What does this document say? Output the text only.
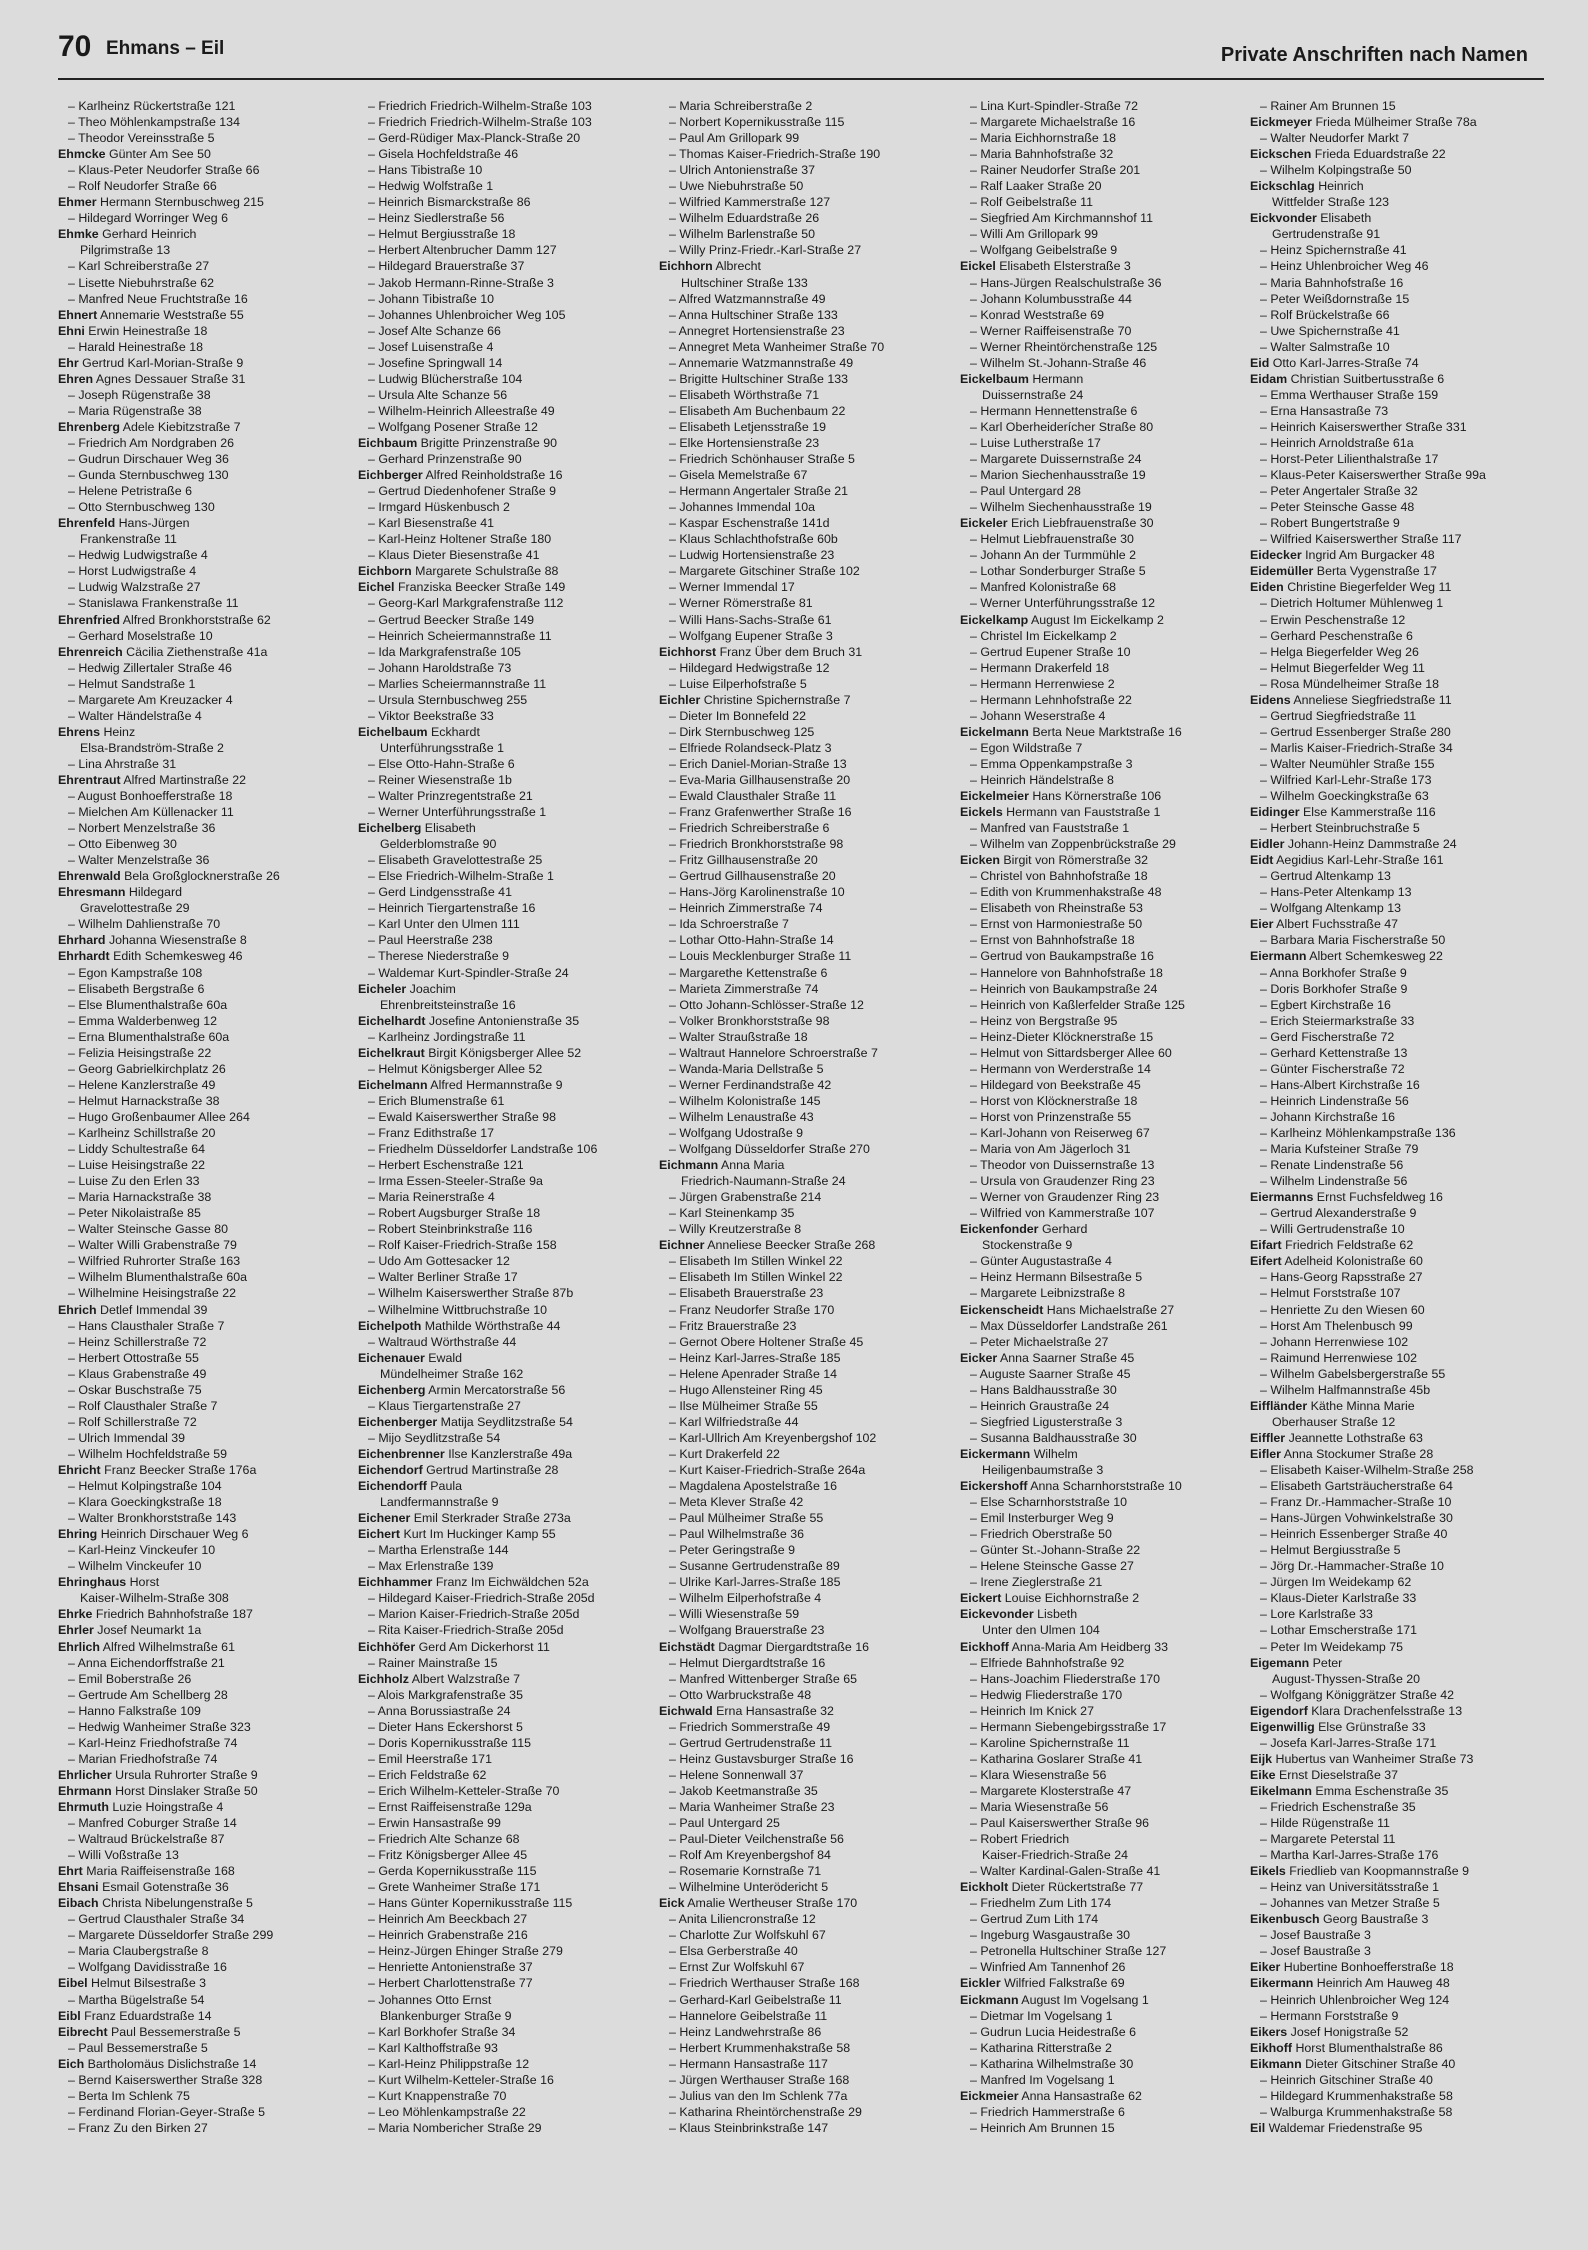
70 Ehmans – Eil	Private Anschriften nach Namen
– Karlheinz Rückertstraße 121
– Theo Möhlenkampstraße 134
– Theodor Vereinsstraße 5
Ehmcke Günter Am See 50
– Klaus-Peter Neudorfer Straße 66
– Rolf Neudorfer Straße 66
Ehmer Hermann Sternbuschweg 215
– Hildegard Worringer Weg 6
Ehmke Gerhard Heinrich
Pilgrimstraße 13
– Karl Schreiberstraße 27
– Lisette Niebuhrstraße 62
– Manfred Neue Fruchtstraße 16
Ehnert Annemarie Weststraße 55
Ehni Erwin Heinestraße 18
– Harald Heinestraße 18
Ehr Gertrud Karl-Morian-Straße 9
Ehren Agnes Dessauer Straße 31
– Joseph Rügenstraße 38
– Maria Rügenstraße 38
Ehrenberg Adele Kiebitzstraße 7
– Friedrich Am Nordgraben 26
– Gudrun Dirschauer Weg 36
– Gunda Sternbuschweg 130
– Helene Petristraße 6
– Otto Sternbuschweg 130
Ehrenfeld Hans-Jürgen
Frankenstraße 11
– Hedwig Ludwigstraße 4
– Horst Ludwigstraße 4
– Ludwig Walzstraße 27
– Stanislawa Frankenstraße 11
Ehrenfried Alfred Bronkhorststraße 62
– Gerhard Moselstraße 10
Ehrenreich Cäcilia Ziethenstraße 41a
– Hedwig Zillertaler Straße 46
– Helmut Sandstraße 1
– Margarete Am Kreuzacker 4
– Walter Händelstraße 4
Ehrens Heinz
Elsa-Brandström-Straße 2
– Lina Ahrstraße 31
Ehrentraut Alfred Martinstraße 22
– August Bonhoefferstraße 18
– Mielchen Am Küllenacker 11
– Norbert Menzelstraße 36
– Otto Eibenweg 30
– Walter Menzelstraße 36
Ehrenwald Bela Großglocknerstraße 26
Ehresmann Hildegard
Gravelottestraße 29
– Wilhelm Dahlienstraße 70
Ehrhard Johanna Wiesenstraße 8
Ehrhardt Edith Schemkesweg 46
– Egon Kampstraße 108
– Elisabeth Bergstraße 6
– Else Blumenthalstraße 60a
– Emma Walderbenweg 12
– Erna Blumenthalstraße 60a
– Felizia Heisingstraße 22
– Georg Gabrielkirchplatz 26
– Helene Kanzlerstraße 49
– Helmut Harnackstraße 38
– Hugo Großenbaumer Allee 264
– Karlheinz Schillstraße 20
– Liddy Schultestraße 64
– Luise Heisingstraße 22
– Luise Zu den Erlen 33
– Maria Harnackstraße 38
– Peter Nikolaistraße 85
– Walter Steinsche Gasse 80
– Walter Willi Grabenstraße 79
– Wilfried Ruhrorter Straße 163
– Wilhelm Blumenthalstraße 60a
– Wilhelmine Heisingstraße 22
Ehrich Detlef Immendal 39
– Hans Clausthaler Straße 7
– Heinz Schillerstraße 72
– Herbert Ottostraße 55
– Klaus Grabenstraße 49
– Oskar Buschstraße 75
– Rolf Clausthaler Straße 7
– Rolf Schillerstraße 72
– Ulrich Immendal 39
– Wilhelm Hochfeldstraße 59
Ehricht Franz Beecker Straße 176a
– Helmut Kolpingstraße 104
– Klara Goeckingkstraße 18
– Walter Bronkhorststraße 143
Ehring Heinrich Dirschauer Weg 6
– Karl-Heinz Vinckeufer 10
– Wilhelm Vinckeufer 10
Ehringhaus Horst
Kaiser-Wilhelm-Straße 308
Ehrke Friedrich Bahnhofstraße 187
Ehrler Josef Neumarkt 1a
Ehrlich Alfred Wilhelmstraße 61
– Anna Eichendorffstraße 21
– Emil Boberstraße 26
– Gertrude Am Schellberg 28
– Hanno Falkstraße 109
– Hedwig Wanheimer Straße 323
– Karl-Heinz Friedhofstraße 74
– Marian Friedhofstraße 74
Ehrlicher Ursula Ruhrorter Straße 9
Ehrmann Horst Dinslaker Straße 50
Ehrmuth Luzie Hoingstraße 4
– Manfred Coburger Straße 14
– Waltraud Brückelstraße 87
– Willi Voßstraße 13
Ehrt Maria Raiffeisenstraße 168
Ehsani Esmail Gotenstraße 36
Eibach Christa Nibelungenstraße 5
– Gertrud Clausthaler Straße 34
– Margarete Düsseldorfer Straße 299
– Maria Claubergstraße 8
– Wolfgang Davidisstraße 16
Eibel Helmut Bilsestraße 3
– Martha Bügelstraße 54
Eibl Franz Eduardstraße 14
Eibrecht Paul Bessemerstraße 5
– Paul Bessemerstraße 5
Eich Bartholomäus Dislichstraße 14
– Bernd Kaiserswerther Straße 328
– Berta Im Schlenk 75
– Ferdinand Florian-Geyer-Straße 5
– Franz Zu den Birken 27
– Friedrich Friedrich-Wilhelm-Straße 103
– Friedrich Friedrich-Wilhelm-Straße 103
– Gerd-Rüdiger Max-Planck-Straße 20
– Gisela Hochfeldstraße 46
– Hans Tibistraße 10
– Hedwig Wolfstraße 1
– Heinrich Bismarckstraße 86
– Heinz Siedlerstraße 56
– Helmut Bergiusstraße 18
– Herbert Altenbrucher Damm 127
– Hildegard Brauerstraße 37
– Jakob Hermann-Rinne-Straße 3
– Johann Tibistraße 10
– Johannes Uhlenbroicher Weg 105
– Josef Alte Schanze 66
– Josef Luisenstraße 4
– Josefine Springwall 14
– Ludwig Blücherstraße 104
– Ursula Alte Schanze 56
– Wilhelm-Heinrich Alleestraße 49
– Wolfgang Posener Straße 12
Eichbaum Brigitte Prinzenstraße 90
– Gerhard Prinzenstraße 90
Eichberger Alfred Reinholdstraße 16
– Gertrud Diedenhofener Straße 9
– Irmgard Hüskenbusch 2
– Karl Biesenstraße 41
– Karl-Heinz Holtener Straße 180
– Klaus Dieter Biesenstraße 41
Eichborn Margarete Schulstraße 88
Eichel Franziska Beecker Straße 149
– Georg-Karl Markgrafenstraße 112
– Gertrud Beecker Straße 149
– Heinrich Scheiermannstraße 11
– Ida Markgrafenstraße 105
– Johann Haroldstraße 73
– Marlies Scheiermannstraße 11
– Ursula Sternbuschweg 255
– Viktor Beekstraße 33
Eichelbaum Eckhardt
Unterführungsstraße 1
– Else Otto-Hahn-Straße 6
– Reiner Wiesenstraße 1b
– Walter Prinzregentstraße 21
– Werner Unterführungsstraße 1
Eichelberg Elisabeth
Gelderblomstraße 90
– Elisabeth Gravelottestraße 25
– Else Friedrich-Wilhelm-Straße 1
– Gerd Lindgensstraße 41
– Heinrich Tiergartenstraße 16
– Karl Unter den Ulmen 111
– Paul Heerstraße 238
– Therese Niederstraße 9
– Waldemar Kurt-Spindler-Straße 24
Eicheler Joachim
Ehrenbreitsteinstraße 16
Eichelhardt Josefine Antonienstraße 35
– Karlheinz Jordingstraße 11
Eichelkraut Birgit Königsberger Allee 52
– Helmut Königsberger Allee 52
Eichelmann Alfred Hermannstraße 9
– Erich Blumenstraße 61
– Ewald Kaiserswerther Straße 98
– Franz Edithstraße 17
– Friedhelm Düsseldorfer Landstraße 106
– Herbert Eschenstraße 121
– Irma Essen-Steeler-Straße 9a
– Maria Reinerstraße 4
– Robert Augsburger Straße 18
– Robert Steinbrinkstraße 116
– Rolf Kaiser-Friedrich-Straße 158
– Udo Am Gottesacker 12
– Walter Berliner Straße 17
– Wilhelm Kaiserswerther Straße 87b
– Wilhelmine Wittbruchstraße 10
Eichelpoth Mathilde Wörthstraße 44
– Waltraud Wörthstraße 44
Eichenauer Ewald
Mündelheimer Straße 162
Eichenberg Armin Mercatorstraße 56
– Klaus Tiergartenstraße 27
Eichenberger Matija Seydlitzstraße 54
– Mijo Seydlitzstraße 54
Eichenbrenner Ilse Kanzlerstraße 49a
Eichendorf Gertrud Martinstraße 28
Eichendorff Paula
Landfermannstraße 9
Eichener Emil Sterkrader Straße 273a
Eichert Kurt Im Huckinger Kamp 55
– Martha Erlenstraße 144
– Max Erlenstraße 139
Eichhammer Franz Im Eichwäldchen 52a
– Hildegard Kaiser-Friedrich-Straße 205d
– Marion Kaiser-Friedrich-Straße 205d
– Rita Kaiser-Friedrich-Straße 205d
Eichhöfer Gerd Am Dickerhorst 11
– Rainer Mainstraße 15
Eichholz Albert Walzstraße 7
– Alois Markgrafenstraße 35
– Anna Borussiastraße 24
– Dieter Hans Eckershorst 5
– Doris Kopernikusstraße 115
– Emil Heerstraße 171
– Erich Feldstraße 62
– Erich Wilhelm-Ketteler-Straße 70
– Ernst Raiffeisenstraße 129a
– Erwin Hansastraße 99
– Friedrich Alte Schanze 68
– Fritz Königsberger Allee 45
– Gerda Kopernikusstraße 115
– Grete Wanheimer Straße 171
– Hans Günter Kopernikusstraße 115
– Heinrich Am Beeckbach 27
– Heinrich Grabenstraße 216
– Heinz-Jürgen Ehinger Straße 279
– Henriette Antonienstraße 37
– Herbert Charlottenstraße 77
– Johannes Otto Ernst
Blankenburger Straße 9
– Karl Borkhofer Straße 34
– Karl Kalthoffstraße 93
– Karl-Heinz Philippstraße 12
– Kurt Wilhelm-Ketteler-Straße 16
– Kurt Knappenstraße 70
– Leo Möhlenkampstraße 22
– Maria Nombericher Straße 29
– Maria Schreiberstraße 2
– Norbert Kopernikusstraße 115
– Paul Am Grillopark 99
– Thomas Kaiser-Friedrich-Straße 190
– Ulrich Antonienstraße 37
– Uwe Niebuhrstraße 50
– Wilfried Kammerstraße 127
– Wilhelm Eduardstraße 26
– Wilhelm Barlenstraße 50
– Willy Prinz-Friedr.-Karl-Straße 27
Eichhorn Albrecht
Hultschiner Straße 133
– Alfred Watzmannstraße 49
– Anna Hultschiner Straße 133
– Annegret Hortensienstraße 23
– Annegret Meta Wanheimer Straße 70
– Annemarie Watzmannstraße 49
– Brigitte Hultschiner Straße 133
– Elisabeth Wörthstraße 71
– Elisabeth Am Buchenbaum 22
– Elisabeth Letjensstraße 19
– Elke Hortensienstraße 23
– Friedrich Schönhauser Straße 5
– Gisela Memelstraße 67
– Hermann Angertaler Straße 21
– Johannes Immendal 10a
– Kaspar Eschenstraße 141d
– Klaus Schlachthofstraße 60b
– Ludwig Hortensienstraße 23
– Margarete Gitschiner Straße 102
– Werner Immendal 17
– Werner Römerstraße 81
– Willi Hans-Sachs-Straße 61
– Wolfgang Eupener Straße 3
Eichhorst Franz Über dem Bruch 31
– Hildegard Hedwigstraße 12
– Luise Eilperhofstraße 5
Eichler Christine Spichernstraße 7
– Dieter Im Bonnefeld 22
– Dirk Sternbuschweg 125
– Elfriede Rolandseck-Platz 3
– Erich Daniel-Morian-Straße 13
– Eva-Maria Gillhausenstraße 20
– Ewald Clausthaler Straße 11
– Franz Grafenwerther Straße 16
– Friedrich Schreiberstraße 6
– Friedrich Bronkhorststraße 98
– Fritz Gillhausenstraße 20
– Gertrud Gillhausenstraße 20
– Hans-Jörg Karolinenstraße 10
– Heinrich Zimmerstraße 74
– Ida Schroerstraße 7
– Lothar Otto-Hahn-Straße 14
– Louis Mecklenburger Straße 11
– Margarethe Kettenstraße 6
– Marieta Zimmerstraße 74
– Otto Johann-Schlösser-Straße 12
– Volker Bronkhorststraße 98
– Walter Straußstraße 18
– Waltraut Hannelore Schroerstraße 7
– Wanda-Maria Dellstraße 5
– Werner Ferdinandstraße 42
– Wilhelm Kolonistraße 145
– Wilhelm Lenaustraße 43
– Wolfgang Udostraße 9
– Wolfgang Düsseldorfer Straße 270
Eichmann Anna Maria
Friedrich-Naumann-Straße 24
– Jürgen Grabenstraße 214
– Karl Steinenkamp 35
– Willy Kreutzerstraße 8
Eichner Anneliese Beecker Straße 268
– Elisabeth Im Stillen Winkel 22
– Elisabeth Im Stillen Winkel 22
– Elisabeth Brauerstraße 23
– Franz Neudorfer Straße 170
– Fritz Brauerstraße 23
– Gernot Obere Holtener Straße 45
– Heinz Karl-Jarres-Straße 185
– Helene Apenrader Straße 14
– Hugo Allensteiner Ring 45
– Ilse Mülheimer Straße 55
– Karl Wilfriedstraße 44
– Karl-Ullrich Am Kreyenbergshof 102
– Kurt Drakerfeld 22
– Kurt Kaiser-Friedrich-Straße 264a
– Magdalena Apostelstraße 16
– Meta Klever Straße 42
– Paul Mülheimer Straße 55
– Paul Wilhelmstraße 36
– Peter Geringstraße 9
– Susanne Gertrudenstraße 89
– Ulrike Karl-Jarres-Straße 185
– Wilhelm Eilperhofstraße 4
– Willi Wiesenstraße 59
– Wolfgang Brauerstraße 23
Eichstädt Dagmar Diergardtstraße 16
– Helmut Diergardtstraße 16
– Manfred Wittenberger Straße 65
– Otto Warbruckstraße 48
Eichwald Erna Hansastraße 32
– Friedrich Sommerstraße 49
– Gertrud Gertrudenstraße 11
– Heinz Gustavsburger Straße 16
– Helene Sonnenwall 37
– Jakob Keetmanstraße 35
– Maria Wanheimer Straße 23
– Paul Untergard 25
– Paul-Dieter Veilchenstraße 56
– Rolf Am Kreyenbergshof 84
– Rosemarie Kornstraße 71
– Wilhelmine Unterödericht 5
Eick Amalie Wertheuser Straße 170
– Anita Liliencronstraße 12
– Charlotte Zur Wolfskuhl 67
– Elsa Gerberstraße 40
– Ernst Zur Wolfskuhl 67
– Friedrich Werthauser Straße 168
– Gerhard-Karl Geibelstraße 11
– Hannelore Geibelstraße 11
– Heinz Landwehrstraße 86
– Herbert Krummenhakstraße 58
– Hermann Hansastraße 117
– Jürgen Werthauser Straße 168
– Julius van den Im Schlenk 77a
– Katharina Rheintörchenstraße 29
– Klaus Steinbrinkstraße 147
– Lina Kurt-Spindler-Straße 72
– Margarete Michaelstraße 16
– Maria Eichhornstraße 18
– Maria Bahnhofstraße 32
– Rainer Neudorfer Straße 201
– Ralf Laaker Straße 20
– Rolf Geibelstraße 11
– Siegfried Am Kirchmannshof 11
– Willi Am Grillopark 99
– Wolfgang Geibelstraße 9
Eickel Elisabeth Elsterstraße 3
– Hans-Jürgen Realschulstraße 36
– Johann Kolumbusstraße 44
– Konrad Weststraße 69
– Werner Raiffeisenstraße 70
– Werner Rheintörchenstraße 125
– Wilhelm St.-Johann-Straße 46
Eickelbaum Hermann
Duissernstraße 24
– Hermann Hennettenstraße 6
– Karl Oberheiderícher Straße 80
– Luise Lutherstraße 17
– Margarete Duissernstraße 24
– Marion Siechenhausstraße 19
– Paul Untergard 28
– Wilhelm Siechenhausstraße 19
Eickeler Erich Liebfrauenstraße 30
– Helmut Liebfrauenstraße 30
– Johann An der Turmmühle 2
– Lothar Sonderburger Straße 5
– Manfred Kolonistraße 68
– Werner Unterführungsstraße 12
Eickelkamp August Im Eickelkamp 2
– Christel Im Eickelkamp 2
– Gertrud Eupener Straße 10
– Hermann Drakerfeld 18
– Hermann Herrenwiese 2
– Hermann Lehnhofstraße 22
– Johann Weserstraße 4
Eickelmann Berta Neue Marktstraße 16
– Egon Wildstraße 7
– Emma Oppenkampstraße 3
– Heinrich Händelstraße 8
Eickelmeier Hans Körnerstraße 106
Eickels Hermann van Fauststraße 1
– Manfred van Fauststraße 1
– Wilhelm van Zoppenbrückstraße 29
Eicken Birgit von Römerstraße 32
– Christel von Bahnhofstraße 18
– Edith von Krummenhakstraße 48
– Elisabeth von Rheinstraße 53
– Ernst von Harmoniestraße 50
– Ernst von Bahnhofstraße 18
– Gertrud von Baukampstraße 16
– Hannelore von Bahnhofstraße 18
– Heinrich von Baukampstraße 24
– Heinrich von Kaßlerfelder Straße 125
– Heinz von Bergstraße 95
– Heinz-Dieter Klöcknerstraße 15
– Helmut von Sittardsberger Allee 60
– Hermann von Werderstraße 14
– Hildegard von Beekstraße 45
– Horst von Klöcknerstraße 18
– Horst von Prinzenstraße 55
– Karl-Johann von Reiserweg 67
– Maria von Am Jägerloch 31
– Theodor von Duissernstraße 13
– Ursula von Graudenzer Ring 23
– Werner von Graudenzer Ring 23
– Wilfried von Kammerstraße 107
Eickenfonder Gerhard
Stockenstraße 9
– Günter Augustastraße 4
– Heinz Hermann Bilsestraße 5
– Margarete Leibnizstraße 8
Eickenscheidt Hans Michaelstraße 27
– Max Düsseldorfer Landstraße 261
– Peter Michaelstraße 27
Eicker Anna Saarner Straße 45
– Auguste Saarner Straße 45
– Hans Baldhausstraße 30
– Heinrich Graustraße 24
– Siegfried Ligusterstraße 3
– Susanna Baldhausstraße 30
Eickermann Wilhelm
Heiligenbaumstraße 3
Eickershoff Anna Scharnhorststraße 10
– Else Scharnhorststraße 10
– Emil Insterburger Weg 9
– Friedrich Oberstraße 50
– Günter St.-Johann-Straße 22
– Helene Steinsche Gasse 27
– Irene Zieglerstraße 21
Eickert Louise Eichhornstraße 2
Eickevonder Lisbeth
Unter den Ulmen 104
Eickhoff Anna-Maria Am Heidberg 33
– Elfriede Bahnhofstraße 92
– Hans-Joachim Fliederstraße 170
– Hedwig Fliederstraße 170
– Heinrich Im Knick 27
– Hermann Siebengebirgsstraße 17
– Karoline Spichernstraße 11
– Katharina Goslarer Straße 41
– Klara Wiesenstraße 56
– Margarete Klosterstraße 47
– Maria Wiesenstraße 56
– Paul Kaiserswerther Straße 96
– Robert Friedrich
Kaiser-Friedrich-Straße 24
– Walter Kardinal-Galen-Straße 41
Eickholt Dieter Rückertstraße 77
– Friedhelm Zum Lith 174
– Gertrud Zum Lith 174
– Ingeburg Wasgaustraße 30
– Petronella Hultschiner Straße 127
– Winfried Am Tannenhof 26
Eickler Wilfried Falkstraße 69
Eickmann August Im Vogelsang 1
– Dietmar Im Vogelsang 1
– Gudrun Lucia Heidestraße 6
– Katharina Ritterstraße 2
– Katharina Wilhelmstraße 30
– Manfred Im Vogelsang 1
Eickmeier Anna Hansastraße 62
– Friedrich Hammerstraße 6
– Heinrich Am Brunnen 15
– Rainer Am Brunnen 15
Eickmeyer Frieda Mülheimer Straße 78a
– Walter Neudorfer Markt 7
Eickschen Frieda Eduardstraße 22
– Wilhelm Kolpingstraße 50
Eickschlag Heinrich
Wittfelder Straße 123
Eickvonder Elisabeth
Gertrudenstraße 91
– Heinz Spichernstraße 41
– Heinz Uhlenbroicher Weg 46
– Maria Bahnhofstraße 16
– Peter Weißdornstraße 15
– Rolf Brückelstraße 66
– Uwe Spichernstraße 41
– Walter Salmstraße 10
Eid Otto Karl-Jarres-Straße 74
Eidam Christian Suitbertusstraße 6
– Emma Werthauser Straße 159
– Erna Hansastraße 73
– Heinrich Kaiserswerther Straße 331
– Heinrich Arnoldstraße 61a
– Horst-Peter Lilienthalstraße 17
– Klaus-Peter Kaiserswerther Straße 99a
– Peter Angertaler Straße 32
– Peter Steinsche Gasse 48
– Robert Bungertstraße 9
– Wilfried Kaiserswerther Straße 117
Eidecker Ingrid Am Burgacker 48
Eidemüller Berta Vygenstraße 17
Eiden Christine Biegerfelder Weg 11
– Dietrich Holtumer Mühlenweg 1
– Erwin Peschenstraße 12
– Gerhard Peschenstraße 6
– Helga Biegerfelder Weg 26
– Helmut Biegerfelder Weg 11
– Rosa Mündelheimer Straße 18
Eidens Anneliese Siegfriedstraße 11
– Gertrud Siegfriedstraße 11
– Gertrud Essenberger Straße 280
– Marlis Kaiser-Friedrich-Straße 34
– Walter Neumühler Straße 155
– Wilfried Karl-Lehr-Straße 173
– Wilhelm Goeckingkstraße 63
Eidinger Else Kammerstraße 116
– Herbert Steinbruchstraße 5
Eidler Johann-Heinz Dammstraße 24
Eidt Aegidius Karl-Lehr-Straße 161
– Gertrud Altenkamp 13
– Hans-Peter Altenkamp 13
– Wolfgang Altenkamp 13
Eier Albert Fuchsstraße 47
– Barbara Maria Fischerstraße 50
Eiermann Albert Schemkesweg 22
– Anna Borkhofer Straße 9
– Doris Borkhofer Straße 9
– Egbert Kirchstraße 16
– Erich Steiermarkstraße 33
– Gerd Fischerstraße 72
– Gerhard Kettenstraße 13
– Günter Fischerstraße 72
– Hans-Albert Kirchstraße 16
– Heinrich Lindenstraße 56
– Johann Kirchstraße 16
– Karlheinz Möhlenkampstraße 136
– Maria Kufsteiner Straße 79
– Renate Lindenstraße 56
– Wilhelm Lindenstraße 56
Eiermanns Ernst Fuchsfeldweg 16
– Gertrud Alexanderstraße 9
– Willi Gertrudenstraße 10
Eifart Friedrich Feldstraße 62
Eifert Adelheid Kolonistraße 60
– Hans-Georg Rapsstraße 27
– Helmut Forststraße 107
– Henriette Zu den Wiesen 60
– Horst Am Thelenbusch 99
– Johann Herrenwiese 102
– Raimund Herrenwiese 102
– Wilhelm Gabelsbergerstraße 55
– Wilhelm Halfmannstraße 45b
Eiffländer Käthe Minna Marie
Oberhauser Straße 12
Eiffler Jeannette Lothstraße 63
Eifler Anna Stockumer Straße 28
– Elisabeth Kaiser-Wilhelm-Straße 258
– Elisabeth Gartsträucherstraße 64
– Franz Dr.-Hammacher-Straße 10
– Hans-Jürgen Vohwinkelstraße 30
– Heinrich Essenberger Straße 40
– Helmut Bergiusstraße 5
– Jörg Dr.-Hammacher-Straße 10
– Jürgen Im Weidekamp 62
– Klaus-Dieter Karlstraße 33
– Lore Karlstraße 33
– Lothar Emscherstraße 171
– Peter Im Weidekamp 75
Eigemann Peter
August-Thyssen-Straße 20
– Wolfgang Königgrätzer Straße 42
Eigendorf Klara Drachenfelsstraße 13
Eigenwillig Else Grünstraße 33
– Josefa Karl-Jarres-Straße 171
Eijk Hubertus van Wanheimer Straße 73
Eike Ernst Dieselstraße 37
Eikelmann Emma Eschenstraße 35
– Friedrich Eschenstraße 35
– Hilde Rügenstraße 11
– Margarete Peterstal 11
– Martha Karl-Jarres-Straße 176
Eikels Friedlieb van Koopmannstraße 9
– Heinz van Universitätsstraße 1
– Johannes van Metzer Straße 5
Eikenbusch Georg Baustraße 3
– Josef Baustraße 3
– Josef Baustraße 3
Eiker Hubertine Bonhoefferstraße 18
Eikermann Heinrich Am Hauweg 48
– Heinrich Uhlenbroicher Weg 124
– Hermann Forststraße 9
Eikers Josef Honigstraße 52
Eikhoff Horst Blumenthalstraße 86
Eikmann Dieter Gitschiner Straße 40
– Heinrich Gitschiner Straße 40
– Hildegard Krummenhakstraße 58
– Walburga Krummenhakstraße 58
Eil Waldemar Friedenstraße 95
